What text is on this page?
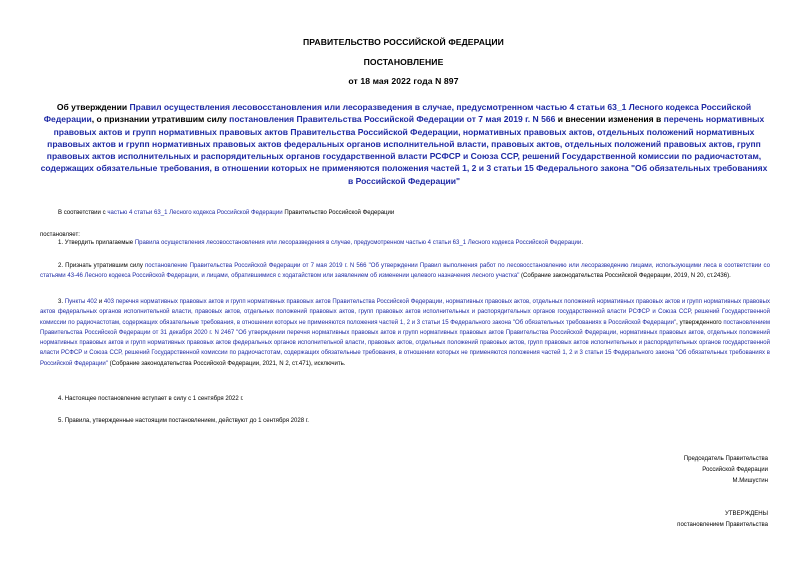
ПРАВИТЕЛЬСТВО РОССИЙСКОЙ ФЕДЕРАЦИИ
ПОСТАНОВЛЕНИЕ
от 18 мая 2022 года N 897
Об утверждении Правил осуществления лесовосстановления или лесоразведения в случае, предусмотренном частью 4 статьи 63_1 Лесного кодекса Российской Федерации, о признании утратившим силу постановления Правительства Российской Федерации от 7 мая 2019 г. N 566 и внесении изменения в перечень нормативных правовых актов и групп нормативных правовых актов Правительства Российской Федерации, нормативных правовых актов, отдельных положений нормативных правовых актов и групп нормативных правовых актов федеральных органов исполнительной власти, правовых актов, отдельных положений правовых актов, групп правовых актов исполнительных и распорядительных органов государственной власти РСФСР и Союза ССР, решений Государственной комиссии по радиочастотам, содержащих обязательные требования, в отношении которых не применяются положения частей 1, 2 и 3 статьи 15 Федерального закона "Об обязательных требованиях в Российской Федерации"
В соответствии с частью 4 статьи 63_1 Лесного кодекса Российской Федерации Правительство Российской Федерации
постановляет:
1. Утвердить прилагаемые Правила осуществления лесовосстановления или лесоразведения в случае, предусмотренном частью 4 статьи 63_1 Лесного кодекса Российской Федерации.
2. Признать утратившим силу постановление Правительства Российской Федерации от 7 мая 2019 г. N 566 "Об утверждении Правил выполнения работ по лесовосстановлению или лесоразведению лицами, использующими леса в соответствии со статьями 43-46 Лесного кодекса Российской Федерации, и лицами, обратившимися с ходатайством или заявлением об изменении целевого назначения лесного участка" (Собрание законодательства Российской Федерации, 2019, N 20, ст.2436).
3. Пункты 402 и 403 перечня нормативных правовых актов и групп нормативных правовых актов Правительства Российской Федерации, нормативных правовых актов, отдельных положений нормативных правовых актов и групп нормативных правовых актов федеральных органов исполнительной власти, правовых актов, отдельных положений правовых актов, групп правовых актов исполнительных и распорядительных органов государственной власти РСФСР и Союза ССР, решений Государственной комиссии по радиочастотам, содержащих обязательные требования, в отношении которых не применяются положения частей 1, 2 и 3 статьи 15 Федерального закона "Об обязательных требованиях в Российской Федерации", утвержденного постановлением Правительства Российской Федерации от 31 декабря 2020 г. N 2467 "Об утверждении перечня нормативных правовых актов и групп нормативных правовых актов Правительства Российской Федерации, нормативных правовых актов, отдельных положений нормативных правовых актов и групп нормативных правовых актов федеральных органов исполнительной власти, правовых актов, отдельных положений правовых актов, групп правовых актов исполнительных и распорядительных органов государственной власти РСФСР и Союза ССР, решений Государственной комиссии по радиочастотам, содержащих обязательные требования, в отношении которых не применяются положения частей 1, 2 и 3 статьи 15 Федерального закона "Об обязательных требованиях в Российской Федерации" (Собрание законодательства Российской Федерации, 2021, N 2, ст.471), исключить.
4. Настоящее постановление вступает в силу с 1 сентября 2022 г.
5. Правила, утвержденные настоящим постановлением, действуют до 1 сентября 2028 г.
Председатель Правительства
Российской Федерации
М.Мишустин
УТВЕРЖДЕНЫ
постановлением Правительства
